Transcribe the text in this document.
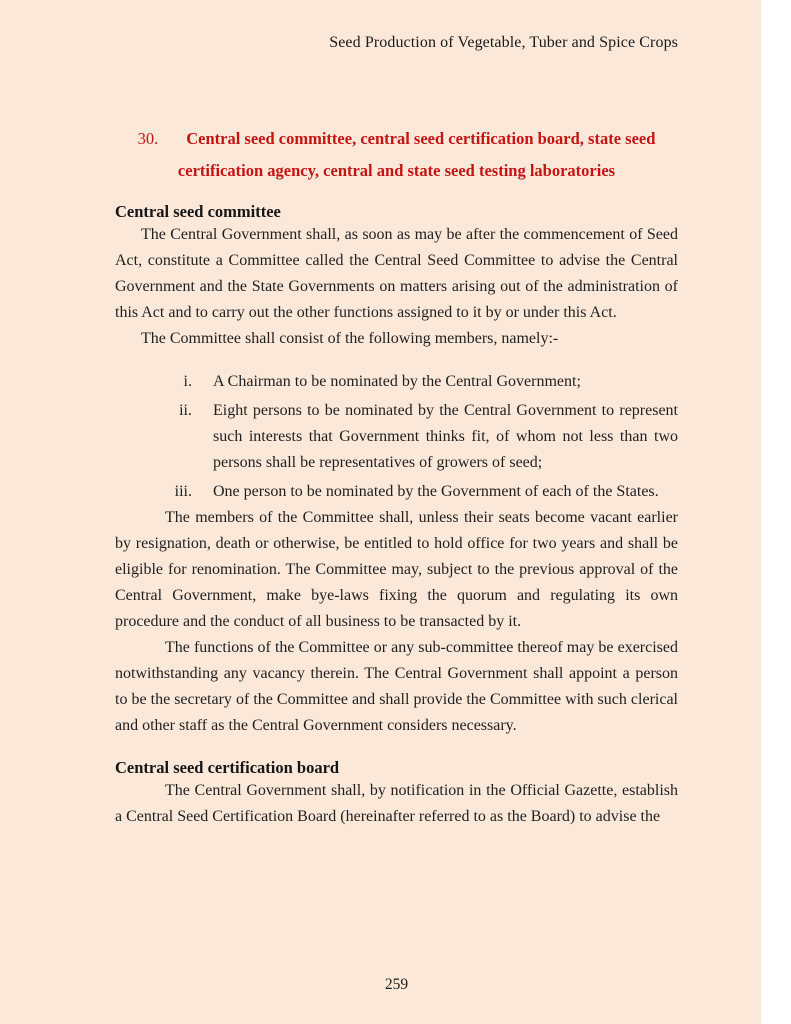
Seed Production of Vegetable, Tuber and Spice Crops
30. Central seed committee, central seed certification board, state seed
certification agency, central and state seed testing laboratories
Central seed committee

The Central Government shall, as soon as may be after the commencement of Seed Act, constitute a Committee called the Central Seed Committee to advise the Central Government and the State Governments on matters arising out of the administration of this Act and to carry out the other functions assigned to it by or under this Act.

The Committee shall consist of the following members, namely:-

i.	A Chairman to be nominated by the Central Government;
ii.	Eight persons to be nominated by the Central Government to represent such interests that Government thinks fit, of whom not less than two persons shall be representatives of growers of seed;
iii.	One person to be nominated by the Government of each of the States.

The members of the Committee shall, unless their seats become vacant earlier by resignation, death or otherwise, be entitled to hold office for two years and shall be eligible for renomination. The Committee may, subject to the previous approval of the Central Government, make bye-laws fixing the quorum and regulating its own procedure and the conduct of all business to be transacted by it.

The functions of the Committee or any sub-committee thereof may be exercised notwithstanding any vacancy therein. The Central Government shall appoint a person to be the secretary of the Committee and shall provide the Committee with such clerical and other staff as the Central Government considers necessary.

Central seed certification board

The Central Government shall, by notification in the Official Gazette, establish a Central Seed Certification Board (hereinafter referred to as the Board) to advise the

259
